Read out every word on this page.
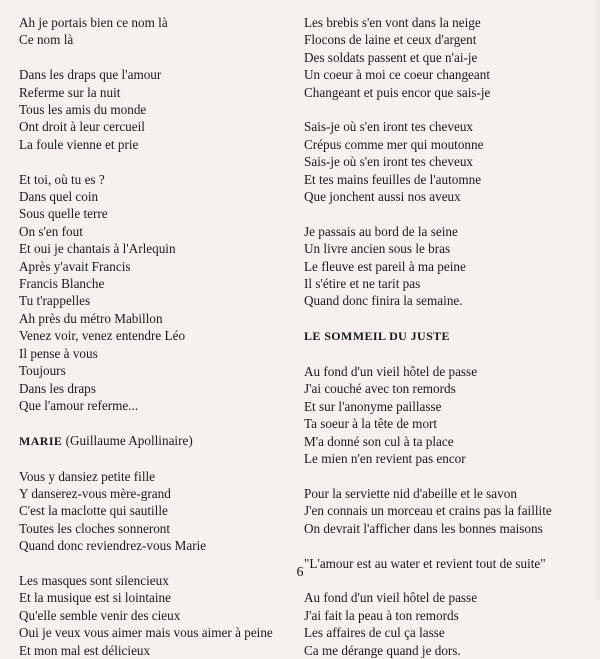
Ah je portais bien ce nom là
Ce nom là
Dans les draps que l'amour
Referme sur la nuit
Tous les amis du monde
Ont droit à leur cercueil
La foule vienne et prie
Et toi, où tu es ?
Dans quel coin
Sous quelle terre
On s'en fout
Et oui je chantais à l'Arlequin
Après y'avait Francis
Francis Blanche
Tu t'rappelles
Ah près du métro Mabillon
Venez voir, venez entendre Léo
Il pense à vous
Toujours
Dans les draps
Que l'amour referme...
MARIE (Guillaume Apollinaire)
Vous y dansiez petite fille
Y danserez-vous mère-grand
C'est la maclotte qui sautille
Toutes les cloches sonneront
Quand donc reviendrez-vous Marie
Les masques sont silencieux
Et la musique est si lointaine
Qu'elle semble venir des cieux
Oui je veux vous aimer mais vous aimer à peine
Et mon mal est délicieux
Les brebis s'en vont dans la neige
Flocons de laine et ceux d'argent
Des soldats passent et que n'ai-je
Un coeur à moi ce coeur changeant
Changeant et puis encor que sais-je
Sais-je où s'en iront tes cheveux
Crépus comme mer qui moutonne
Sais-je où s'en iront tes cheveux
Et tes mains feuilles de l'automne
Que jonchent aussi nos aveux
Je passais au bord de la seine
Un livre ancien sous le bras
Le fleuve est pareil à ma peine
Il s'étire et ne tarit pas
Quand donc finira la semaine.
LE SOMMEIL DU JUSTE
Au fond d'un vieil hôtel de passe
J'ai couché avec ton remords
Et sur l'anonyme paillasse
Ta soeur à la tête de mort
M'a donné son cul à ta place
Le mien n'en revient pas encor
Pour la serviette nid d'abeille et le savon
J'en connais un morceau et crains pas la faillite
On devrait l'afficher dans les bonnes maisons
"L'amour est au water et revient tout de suite"
Au fond d'un vieil hôtel de passe
J'ai fait la peau à ton remords
Les affaires de cul ça lasse
Ca me dérange quand je dors.
6
